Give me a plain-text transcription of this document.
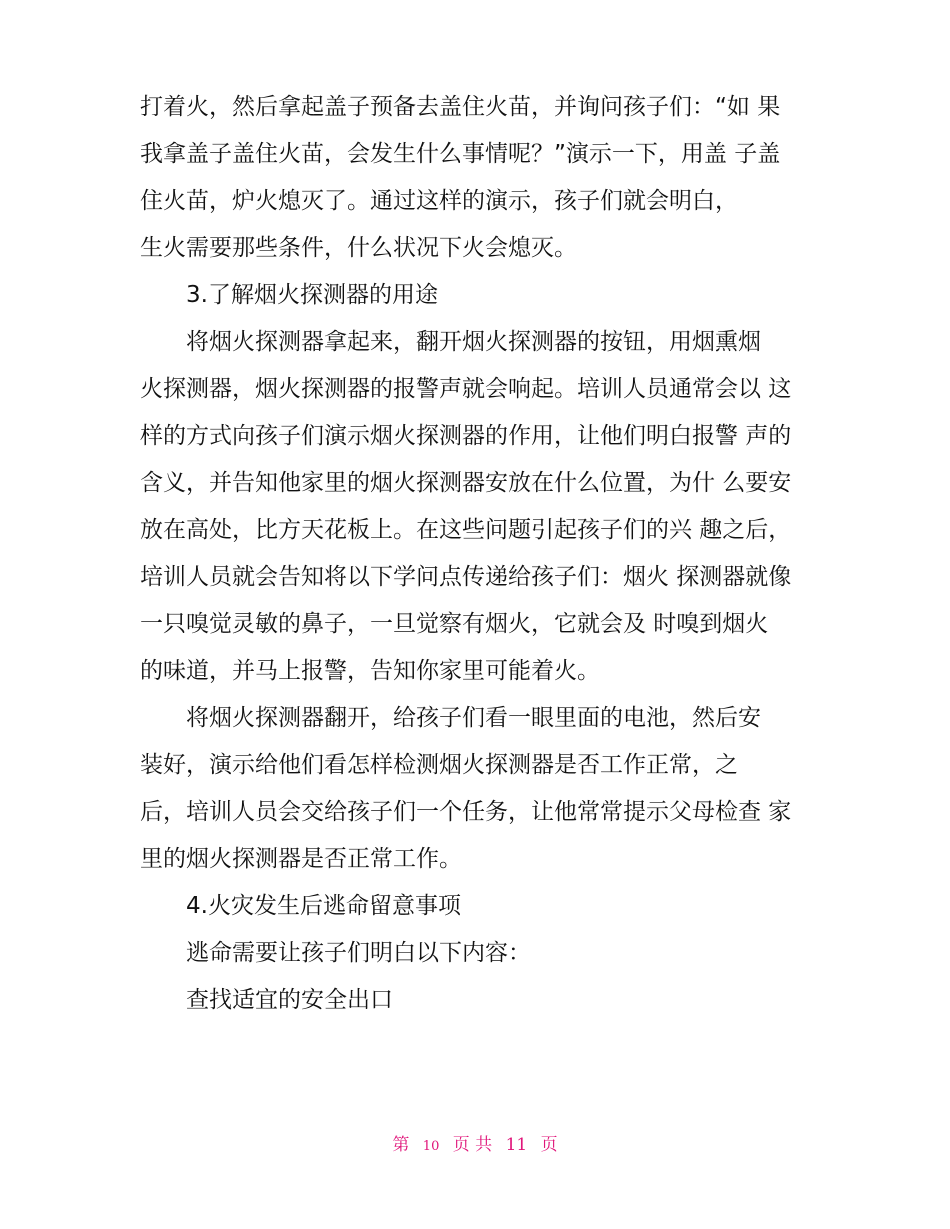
打着火，然后拿起盖子预备去盖住火苗，并询问孩子们：“如 果
我拿盖子盖住火苗，会发生什么事情呢？”演示一下，用盖 子盖
住火苗，炉火熄灭了。通过这样的演示，孩子们就会明白，
生火需要那些条件，什么状况下火会熄灭。
3.了解烟火探测器的用途
将烟火探测器拿起来，翻开烟火探测器的按钮，用烟熏烟
火探测器，烟火探测器的报警声就会响起。培训人员通常会以 这
样的方式向孩子们演示烟火探测器的作用，让他们明白报警 声的
含义，并告知他家里的烟火探测器安放在什么位置，为什 么要安
放在高处，比方天花板上。在这些问题引起孩子们的兴 趣之后，
培训人员就会告知将以下学问点传递给孩子们：烟火 探测器就像
一只嗅觉灵敏的鼻子，一旦觉察有烟火，它就会及 时嗅到烟火
的味道，并马上报警，告知你家里可能着火。
将烟火探测器翻开，给孩子们看一眼里面的电池，然后安
装好，演示给他们看怎样检测烟火探测器是否工作正常，之
后，培训人员会交给孩子们一个任务，让他常常提示父母检查 家
里的烟火探测器是否正常工作。
4.火灾发生后逃命留意事项
逃命需要让孩子们明白以下内容：
查找适宜的安全出口
第 10 页 共 11 页
